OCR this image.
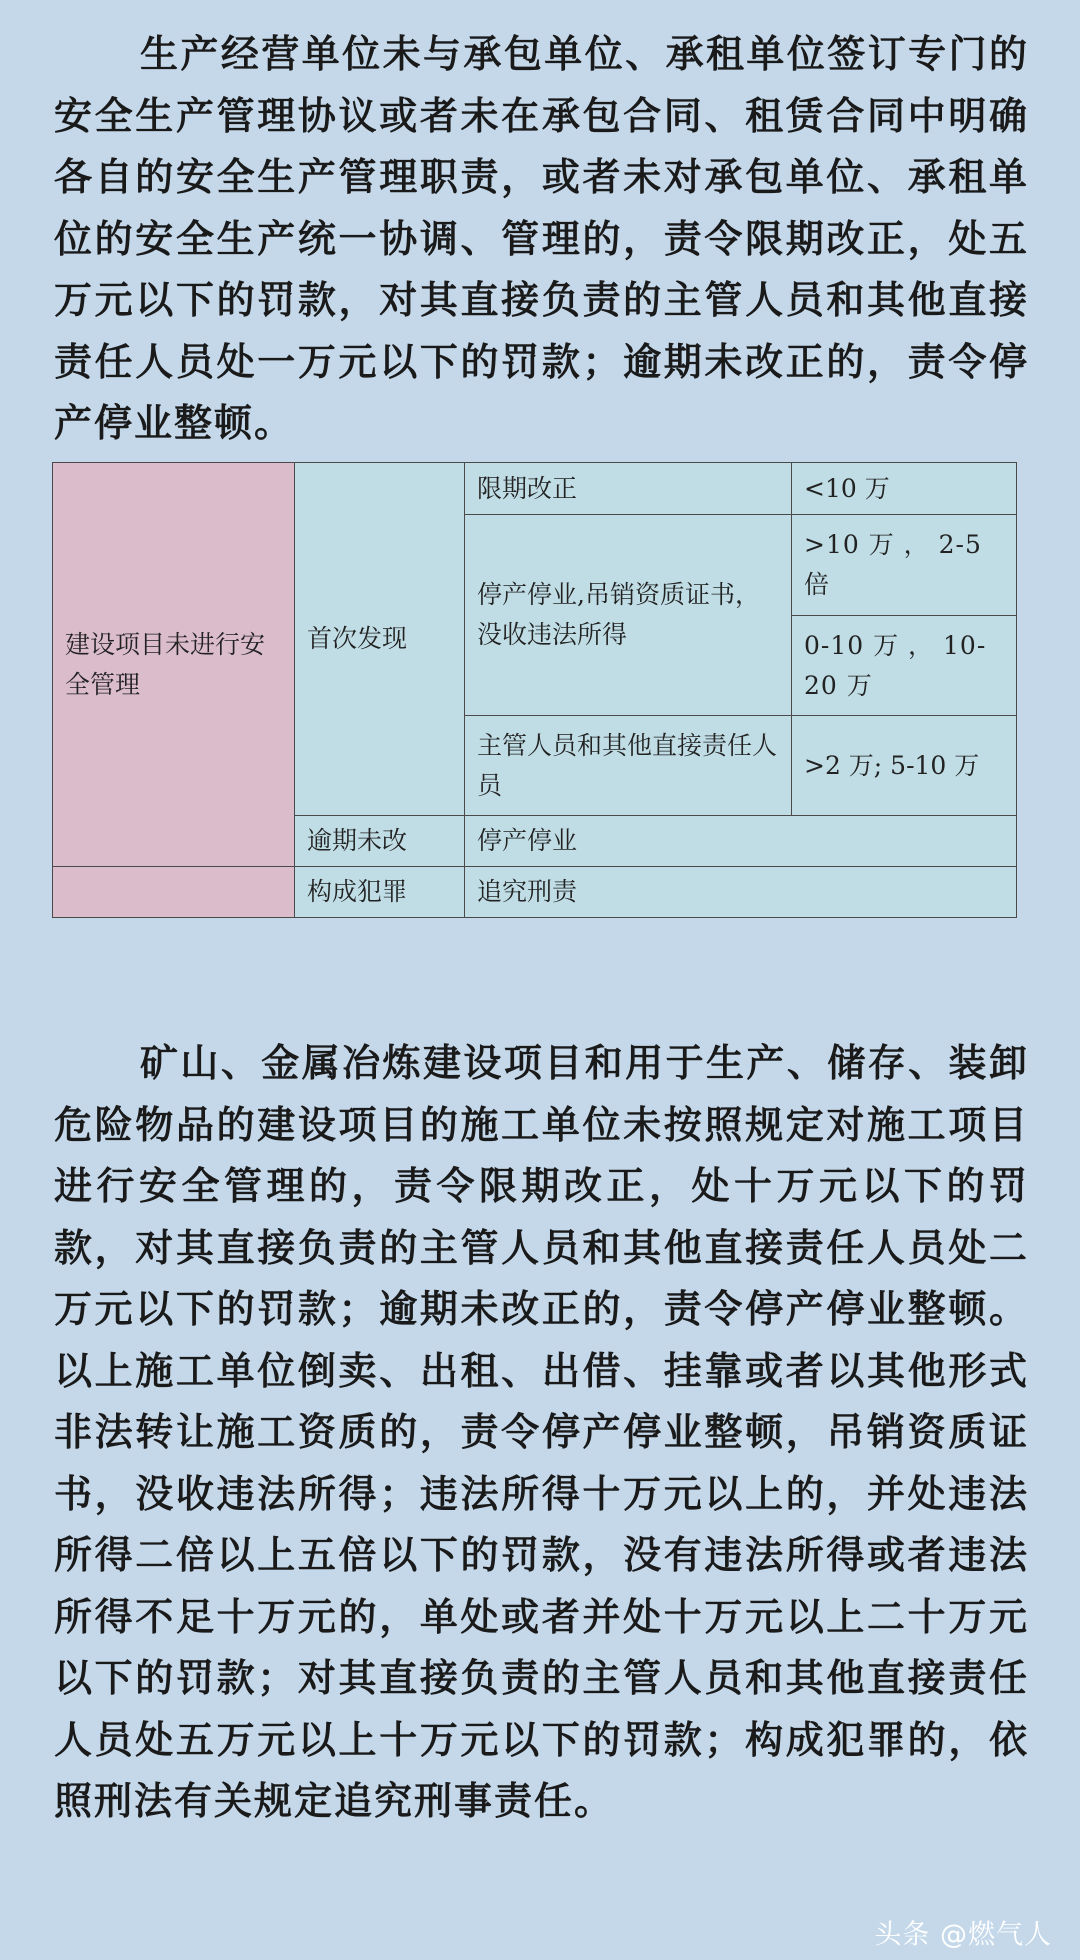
生产经营单位未与承包单位、承租单位签订专门的安全生产管理协议或者未在承包合同、租赁合同中明确各自的安全生产管理职责，或者未对承包单位、承租单位的安全生产统一协调、管理的，责令限期改正，处五万元以下的罚款，对其直接负责的主管人员和其他直接责任人员处一万元以下的罚款；逾期未改正的，责令停产停业整顿。

建设项目未进行安全管理	首次发现	限期改正	<10 万
		停产停业,吊销资质证书，没收违法所得	>10 万 ， 2-5 倍
			0-10 万 ， 10-20 万
		主管人员和其他直接责任人员	>2 万; 5-10 万
	逾期未改	停产停业	
	构成犯罪	追究刑责	

矿山、金属冶炼建设项目和用于生产、储存、装卸危险物品的建设项目的施工单位未按照规定对施工项目进行安全管理的，责令限期改正，处十万元以下的罚款，对其直接负责的主管人员和其他直接责任人员处二万元以下的罚款；逾期未改正的，责令停产停业整顿。以上施工单位倒卖、出租、出借、挂靠或者以其他形式非法转让施工资质的，责令停产停业整顿，吊销资质证书，没收违法所得；违法所得十万元以上的，并处违法所得二倍以上五倍以下的罚款，没有违法所得或者违法所得不足十万元的，单处或者并处十万元以上二十万元以下的罚款；对其直接负责的主管人员和其他直接责任人员处五万元以上十万元以下的罚款；构成犯罪的，依照刑法有关规定追究刑事责任。

头条 @燃气人
